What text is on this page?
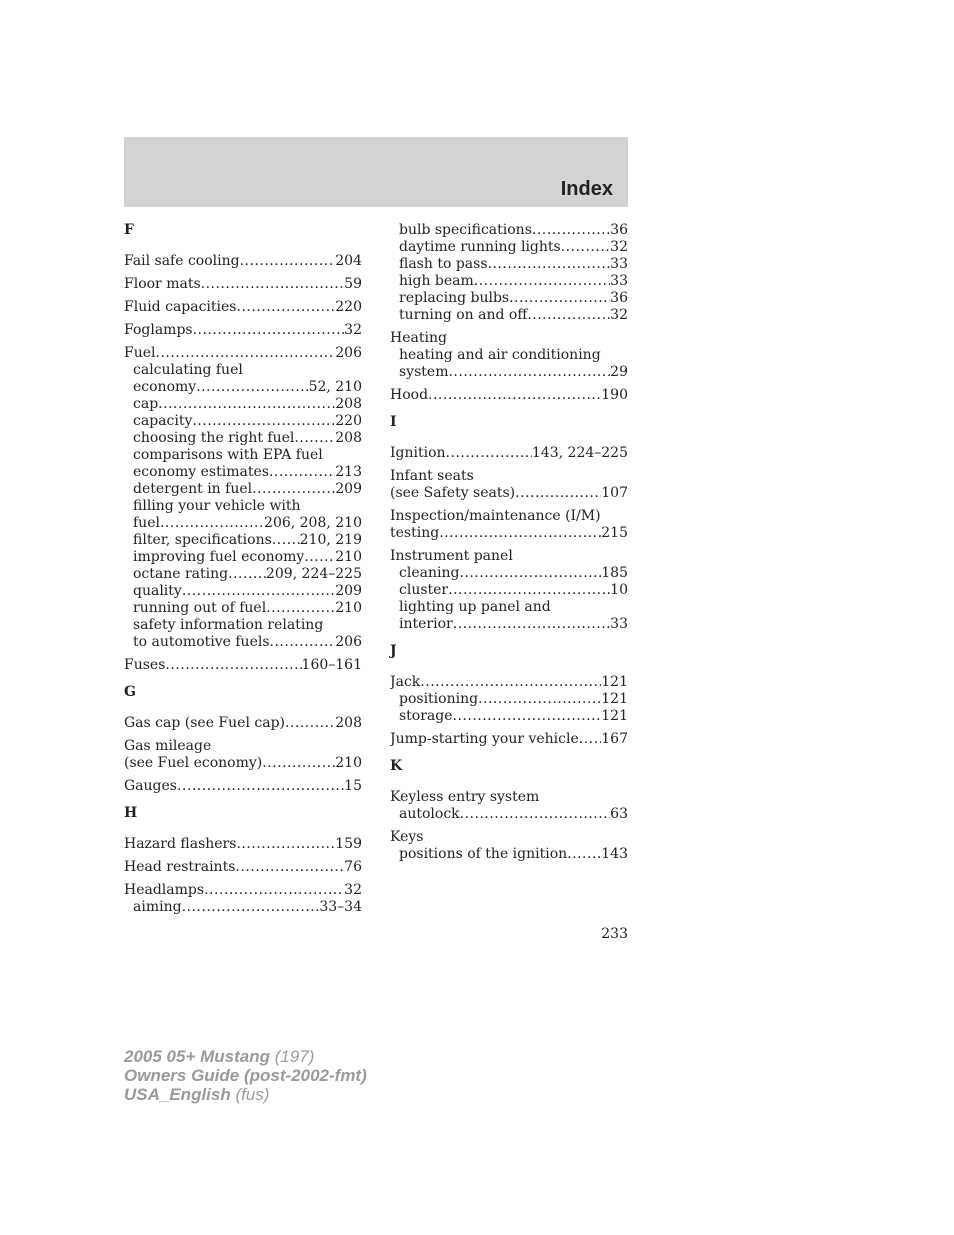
Index
F
Fail safe cooling .....	204
Floor mats .....	59
Fluid capacities .....	220
Foglamps .....	32
Fuel .....	206
calculating fuel
economy .....	52, 210
cap .....	208
capacity .....	220
choosing the right fuel .....	208
comparisons with EPA fuel
economy estimates .....	213
detergent in fuel .....	209
filling your vehicle with
fuel .....	206, 208, 210
filter, specifications ..... 210, 219
improving fuel economy ..... 210
octane rating .....	209, 224–225
quality .....	209
running out of fuel .....	210
safety information relating
to automotive fuels .....	206
Fuses .....	160–161
G
Gas cap (see Fuel cap) .....	208
Gas mileage
(see Fuel economy) .....	210
Gauges .....	15
H
Hazard flashers .....	159
Head restraints .....	76
Headlamps .....	32
aiming .....	33–34
bulb specifications .....	36
daytime running lights .....	32
flash to pass .....	33
high beam .....	33
replacing bulbs .....	36
turning on and off .....	32
Heating
heating and air conditioning
system .....	29
Hood .....	190
I
Ignition .....	143, 224–225
Infant seats
(see Safety seats) .....	107
Inspection/maintenance (I/M)
testing .....	215
Instrument panel
cleaning .....	185
cluster .....	10
lighting up panel and
interior .....	33
J
Jack .....	121
positioning .....	121
storage .....	121
Jump-starting your vehicle ..... 167
K
Keyless entry system
autolock .....	63
Keys
positions of the ignition ..... 143
233
2005 05+ Mustang (197)
Owners Guide (post-2002-fmt)
USA_English (fus)
